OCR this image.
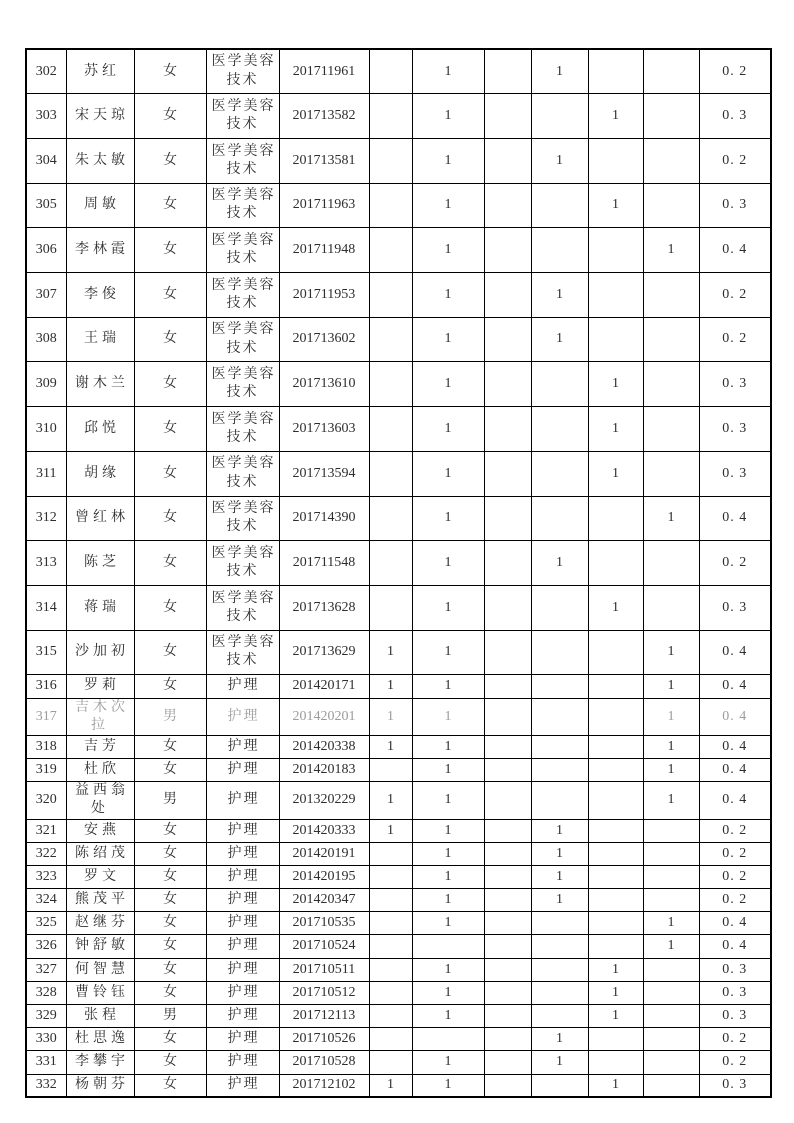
302	苏红	女	医学美容技术	201711961		1		1			0. 2
303	宋天琼	女	医学美容技术	201713582		1			1		0. 3
304	朱太敏	女	医学美容技术	201713581		1		1			0. 2
305	周敏	女	医学美容技术	201711963		1			1		0. 3
306	李林霞	女	医学美容技术	201711948		1				1	0. 4
307	李俊	女	医学美容技术	201711953		1		1			0. 2
308	王瑞	女	医学美容技术	201713602		1		1			0. 2
309	谢木兰	女	医学美容技术	201713610		1			1		0. 3
310	邱悦	女	医学美容技术	201713603		1			1		0. 3
311	胡缘	女	医学美容技术	201713594		1			1		0. 3
312	曾红林	女	医学美容技术	201714390		1				1	0. 4
313	陈芝	女	医学美容技术	201711548		1		1			0. 2
314	蒋瑞	女	医学美容技术	201713628		1			1		0. 3
315	沙加初	女	医学美容技术	201713629	1	1				1	0. 4
316	罗莉	女	护理	201420171	1	1				1	0. 4
317	吉木次拉	男	护理	201420201	1	1				1	0. 4
318	吉芳	女	护理	201420338	1	1				1	0. 4
319	杜欣	女	护理	201420183		1				1	0. 4
320	益西翁处	男	护理	201320229	1	1				1	0. 4
321	安燕	女	护理	201420333	1	1		1			0. 2
322	陈绍茂	女	护理	201420191		1		1			0. 2
323	罗文	女	护理	201420195		1		1			0. 2
324	熊茂平	女	护理	201420347		1		1			0. 2
325	赵继芬	女	护理	201710535		1				1	0. 4
326	钟舒敏	女	护理	201710524						1	0. 4
327	何智慧	女	护理	201710511		1			1		0. 3
328	曹铃钰	女	护理	201710512		1			1		0. 3
329	张程	男	护理	201712113		1			1		0. 3
330	杜思逸	女	护理	201710526				1			0. 2
331	李攀宇	女	护理	201710528		1		1			0. 2
332	杨朝芬	女	护理	201712102	1	1			1		0. 3
